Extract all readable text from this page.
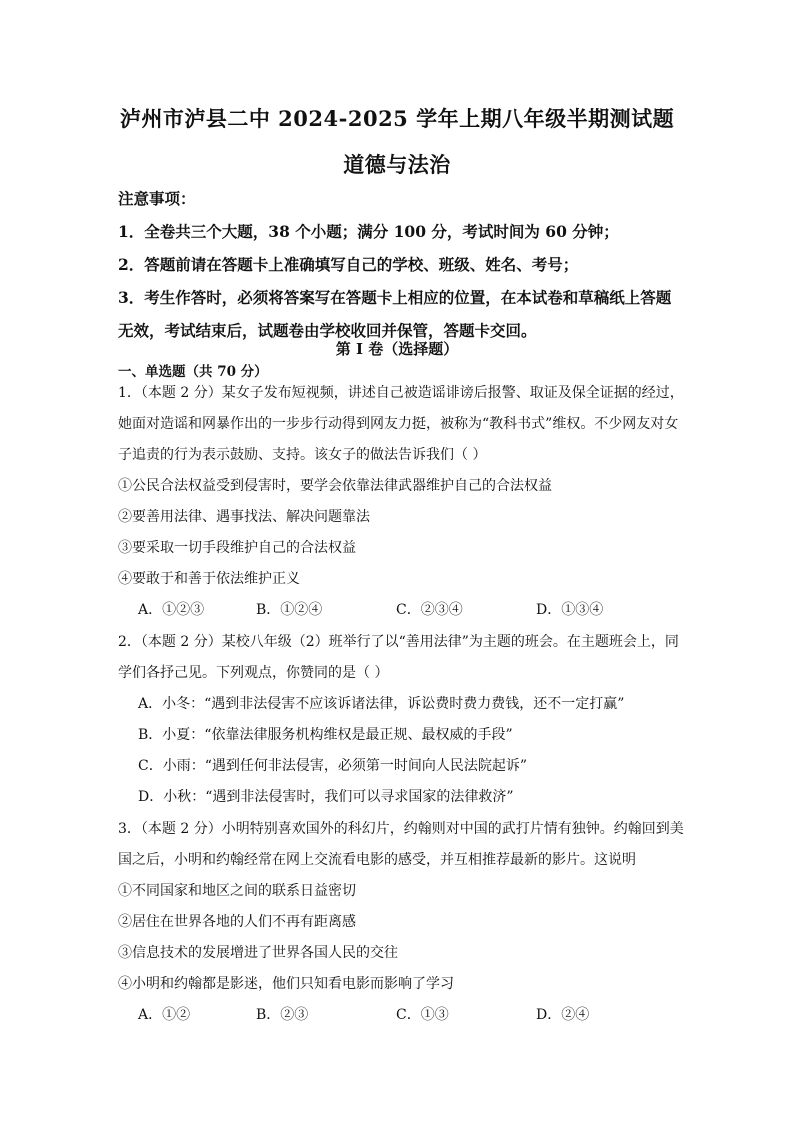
泸州市泸县二中 2024-2025 学年上期八年级半期测试题
道德与法治

注意事项：

1．全卷共三个大题，38 个小题；满分 100 分，考试时间为 60 分钟；

2．答题前请在答题卡上准确填写自己的学校、班级、姓名、考号；

3．考生作答时，必须将答案写在答题卡上相应的位置，在本试卷和草稿纸上答题无效，考试结束后，试题卷由学校收回并保管，答题卡交回。

第 I 卷（选择题）
一、单选题（共 70 分）

1．（本题 2 分）某女子发布短视频，讲述自己被造谣诽谤后报警、取证及保全证据的经过，她面对造谣和网暴作出的一步步行动得到网友力挺，被称为“教科书式”维权。不少网友对女子追责的行为表示鼓励、支持。该女子的做法告诉我们（ ）

①公民合法权益受到侵害时，要学会依靠法律武器维护自己的合法权益

②要善用法律、遇事找法、解决问题靠法

③要采取一切手段维护自己的合法权益

④要敢于和善于依法维护正义

A．①②③	B．①②④	C．②③④	D．①③④

2．（本题 2 分）某校八年级（2）班举行了以“善用法律”为主题的班会。在主题班会上，同学们各抒己见。下列观点，你赞同的是（ ）

A．小冬：“遇到非法侵害不应该诉诸法律，诉讼费时费力费钱，还不一定打赢”

B．小夏：“依靠法律服务机构维权是最正规、最权威的手段”

C．小雨：“遇到任何非法侵害，必须第一时间向人民法院起诉”

D．小秋：“遇到非法侵害时，我们可以寻求国家的法律救济”

3．（本题 2 分）小明特别喜欢国外的科幻片，约翰则对中国的武打片情有独钟。约翰回到美国之后，小明和约翰经常在网上交流看电影的感受，并互相推荐最新的影片。这说明

①不同国家和地区之间的联系日益密切

②居住在世界各地的人们不再有距离感

③信息技术的发展增进了世界各国人民的交往

④小明和约翰都是影迷，他们只知看电影而影响了学习

A．①②	B．②③	C．①③	D．②④
